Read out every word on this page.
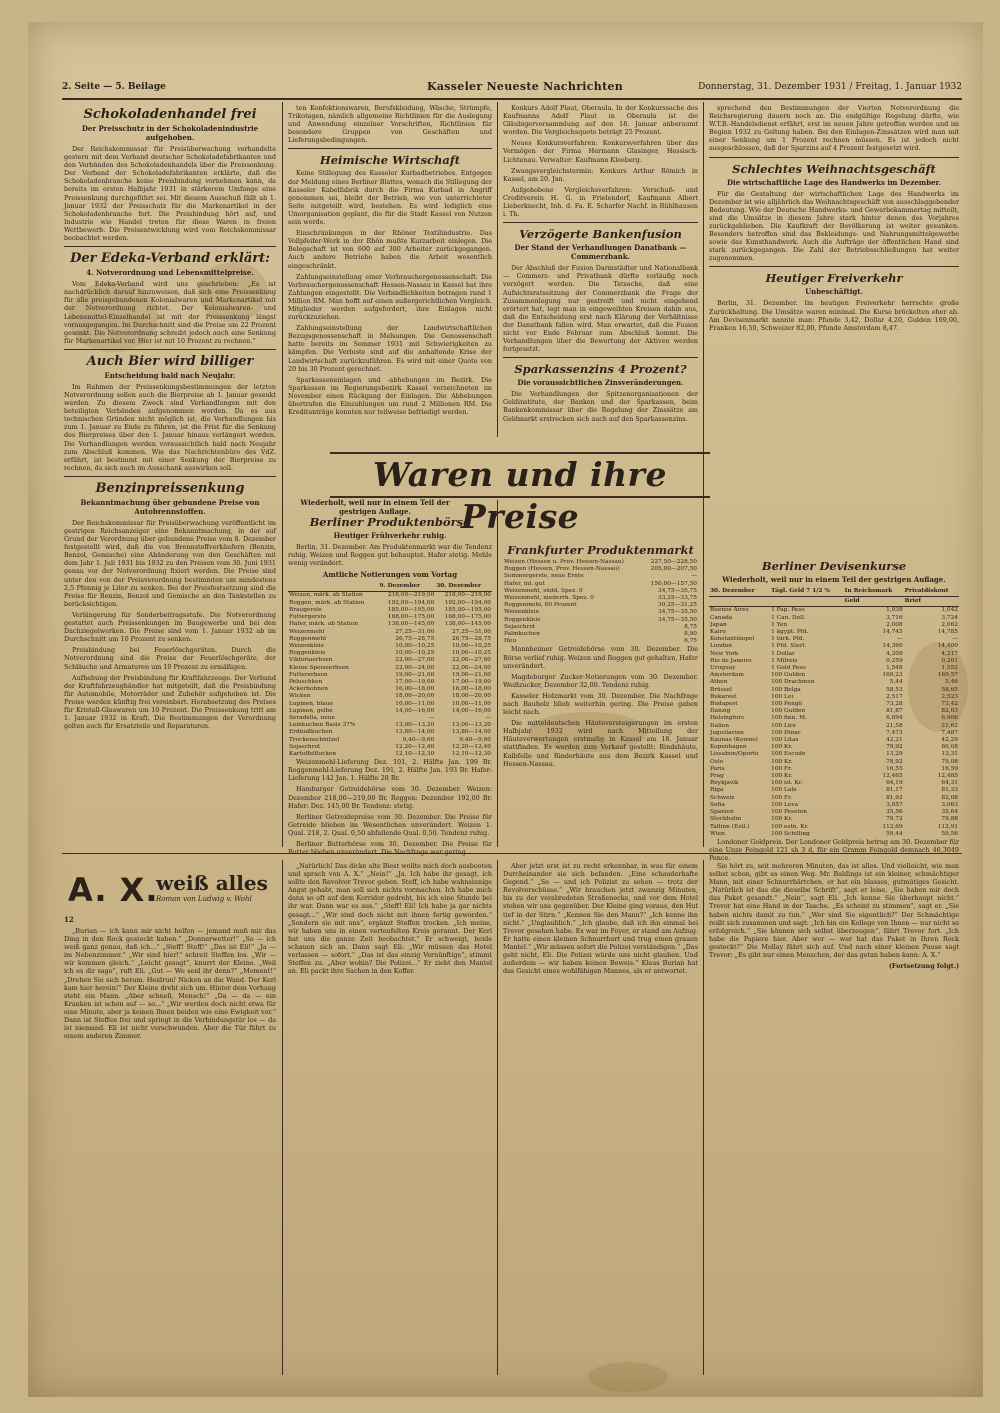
2. Seite — 5. Beilage	Kasseler Neueste Nachrichten	Donnerstag, 31. Dezember 1931 / Freitag, 1. Januar 1932
Schokoladenhandel frei
Der Preisschutz in der Schokoladenindustrie aufgehoben.

Der Reichskommissar für Preisüberwachung verhandelte gestern mit dem Verband deutscher Schokoladefabrikanten und den Verbänden des Schokoladenhandels über die Preissenkung. Der Verband der Schokoladefabrikanten erklärte, daß die Schokoladenbranche keine Preisbindung vornehmen kann, da bereits im ersten Halbjahr 1931 in stärkerem Umfange eine Preissenkung durchgeführt sei. Mit diesem Ausschuß fällt ab 1. Januar 1932 der Preisschutz für die Markenartikel in der Schokoladenbranche fort. Die Preisbindung hört auf, und Industrie wie Handel treten für diese Waren in freien Wettbewerb. Die Preisentwicklung wird vom Reichskommissar beobachtet werden.

Der Edeka-Verband erklärt:
4. Notverordnung und Lebensmittelpreise.

Vom Edeka-Verband wird uns geschrieben: „Es ist nachdrücklich darauf hinzuweisen, daß sich eine Preissenkung für alle preisgebundenen Kolonialwaren und Markenartikel mit der Notverordnung richtet. Der Kolonialwaren- und Lebensmittel-Einzelhandel ist mit der Preissenkung längst vorausgegangen. Im Durchschnitt sind die Preise um 22 Prozent gesenkt. Die Notverordnung schreibt jedoch auch eine Senkung für Markenartikel vor. Hier ist mit 10 Prozent zu rechnen.“

Auch Bier wird billiger
Entscheidung bald nach Neujahr.

Im Rahmen der Preissenkungsbestimmungen der letzten Notverordnung sollen auch die Bierpreise ab 1. Januar gesenkt werden. Zu diesem Zweck sind Verhandlungen mit den beteiligten Verbänden aufgenommen worden. Da es aus technischen Gründen nicht möglich ist, die Verhandlungen bis zum 1. Januar zu Ende zu führen, ist die Frist für die Senkung des Bierpreises über den 1. Januar hinaus verlängert worden. Die Verhandlungen werden voraussichtlich bald nach Neujahr zum Abschluß kommen. Wie das Nachrichtenbüro des VdZ. erfährt, ist bestimmt mit einer Senkung der Bierpreise zu rechnen, da sich auch im Ausschank auswirken soll.

Benzinpreissenkung
Bekanntmachung über gebundene Preise von Autobrennstoffen.

Der Reichskommissar für Preisüberwachung veröffentlicht im gestrigen Reichsanzeiger eine Bekanntmachung, in der auf Grund der Verordnung über gebundene Preise vom 8. Dezember festgestellt wird, daß die von Brennstoffverkäufern (Benzin, Benzol, Gemische) eine Abänderung von den Geschäften mit dem Jahr 1. Juli 1931 bis 1932 zu den Preisen vom 30. Juni 1931 genau vor der Notverordnung fixiert werden. Die Preise sind unter den von der Preisverordnung bestimmten um mindestens 2,5 Pfennig je Liter zu senken. Bei der Preisfestsetzung sind die Preise für Benzin, Benzol und Gemische an den Tankstellen zu berücksichtigen.

Verlängerung für Sonderbeitragsstufe. Die Notverordnung gestattet auch Preissenkungen im Baugewerbe und bei den Dachziegelwerken. Die Preise sind vom 1. Januar 1932 ab im Durchschnitt um 10 Prozent zu senken.

Preisbindung bei Feuerlöschgeräten. Durch die Notverordnung sind die Preise der Feuerlöschgeräte, der Schläuche und Armaturen um 10 Prozent zu ermäßigen.

Aufhebung der Preisbindung für Kraftfahrzeuge. Der Verband der Kraftfahrzeughändler hat mitgeteilt, daß die Preisbindung für Automobile, Motorräder und Zubehör aufgehoben ist. Die Preise werden künftig frei vereinbart. Herabsetzung des Preises für Kristall-Glaswaren um 10 Prozent. Die Preissenkung tritt am 1. Januar 1932 in Kraft. Die Bestimmungen der Verordnung gelten auch für Ersatzteile und Reparaturen.

ten Konfektionswaren, Berufskleidung, Wäsche, Strümpfe, Trikotagen, nämlich allgemeine Richtlinien für die Auslegung und Anwendung einzelner Vorschriften, Richtlinien für besondere Gruppen von Geschäften und Lieferungsbedingungen.

Heimische Wirtschaft

Keine Stillegung des Kasseler Kurbadbetriebes. Entgegen der Meldung eines Berliner Blattes, wonach die Stillegung der Kasseler Kabelfabrik durch die Firma Kurbad in Angriff genommen sei, bleibt der Betrieb, wie von unterrichteter Seite mitgeteilt wird, bestehen. Es wird lediglich eine Umorganisation geplant, die für die Stadt Kassel von Nutzen sein werde.

Einschränkungen in der Rhöner Textilindustrie. Das Vollpfeifer-Werk in der Rhön mußte Kurzarbeit einlegen. Die Belegschaft ist von 600 auf 300 Arbeiter zurückgegangen. Auch andere Betriebe haben die Arbeit wesentlich eingeschränkt.

Zahlungseinstellung einer Verbrauchergenossenschaft. Die Verbrauchergenossenschaft Hessen-Nassau in Kassel hat ihre Zahlungen eingestellt. Die Verbindlichkeiten betragen rund 1 Million RM. Man hofft auf einen außergerichtlichen Vergleich. Mitglieder werden aufgefordert, ihre Einlagen nicht zurückzuziehen.

Zahlungseinstellung der Landwirtschaftlichen Bezugsgenossenschaft in Melsungen. Die Genossenschaft hatte bereits im Sommer 1931 mit Schwierigkeiten zu kämpfen. Die Verluste sind auf die anhaltende Krise der Landwirtschaft zurückzuführen. Es wird mit einer Quote von 20 bis 30 Prozent gerechnet.

Sparkasseneinlagen und -abhebungen im Bezirk. Die Sparkassen im Regierungsbezirk Kassel verzeichneten im November einen Rückgang der Einlagen. Die Abhebungen übertrafen die Einzahlungen um rund 2 Millionen RM. Die Kreditanträge konnten nur teilweise befriedigt werden.

Konkurs Adolf Plaut, Oberaula. In der Konkurssache des Kaufmanns Adolf Plaut in Oberaula ist die Gläubigerversammlung auf den 18. Januar anberaumt worden. Die Vergleichsquote beträgt 25 Prozent.

Neues Konkursverfahren: Konkursverfahren über das Vermögen der Firma Hermann Glasinger, Hessisch-Lichtenau. Verwalter: Kaufmann Kleeberg.

Zwangsvergleichstermin: Konkurs Arthur Römich in Kassel, am 20. Jan.

Aufgehobene Vergleichsverfahren: Vorschuß- und Creditverein H. G. in Frielendorf, Kaufmann Albert Lieberknecht, Inh. d. Fa. E. Scharfer Nachf. in Rühlhausen i. Th.

Verzögerte Bankenfusion
Der Stand der Verhandlungen Danatbank — Commerzbank.

Der Abschluß der Fusion Darmstädter und Nationalbank — Commerz- und Privatbank dürfte vorläufig noch verzögert werden. Die Tatsache, daß eine Aufsichtsratssitzung der Commerzbank die Frage der Zusammenlegung nur gestreift und nicht eingehend erörtert hat, legt man in eingeweihten Kreisen dahin aus, daß die Entscheidung erst nach Klärung der Verhältnisse der Danatbank fallen wird. Man erwartet, daß die Fusion nicht vor Ende Februar zum Abschluß kommt. Die Verhandlungen über die Bewertung der Aktiven werden fortgesetzt.

Sparkassenzins 4 Prozent?
Die voraussichtlichen Zinsveränderungen.

Die Verhandlungen der Spitzenorganisationen der Geldinstitute, der Banken und der Sparkassen, beim Bankenkommissar über die Regelung der Zinssätze am Geldmarkt erstrecken sich auch auf den Sparkassenzins.

sprechend den Bestimmungen der Vierten Notverordnung die Reichsregierung dauern noch an. Die endgültige Regelung dürfte, wie W.T.B.-Handelsdienst erfährt, erst im neuen Jahre getroffen werden und im Beginn 1932 zu Geltung haben. Bei den Einlagen-Zinssätzen wird man mit einer Senkung um 1 Prozent rechnen müssen. Es ist jedoch nicht ausgeschlossen, daß der Sparzins auf 4 Prozent festgesetzt wird.

Schlechtes Weihnachtsgeschäft
Die wirtschaftliche Lage des Handwerks im Dezember.

Für die Gestaltung der wirtschaftlichen Lage des Handwerks im Dezember ist wie alljährlich das Weihnachtsgeschäft von ausschlaggebender Bedeutung. Wie der Deutsche Handwerks- und Gewerbekammertag mitteilt, sind die Umsätze in diesem Jahre stark hinter denen des Vorjahres zurückgeblieben. Die Kaufkraft der Bevölkerung ist weiter gesunken. Besonders betroffen sind das Bekleidungs- und Nahrungsmittelgewerbe sowie das Kunsthandwerk. Auch die Aufträge der öffentlichen Hand sind stark zurückgegangen. Die Zahl der Betriebsschließungen hat weiter zugenommen.

Heutiger Freiverkehr
Unbeschäftigt.

Berlin, 31. Dezember. Im heutigen Freiverkehr herrschte große Zurückhaltung. Die Umsätze waren minimal. Die Kurse bröckelten eher ab. Am Devisenmarkt nannte man: Pfunde 3,42, Dollar 4,20, Gulden 169,00, Franken 16,50, Schweizer 82,00, Pfunde Amsterdam 8,47.

Waren und ihre Preise
Wiederholt, weil nur in einem Teil der gestrigen Auflage.
Berliner Produktenbörse
Heutiger Frühverkehr ruhig.

Berlin, 31. Dezember. Am Produktenmarkt war die Tendenz ruhig. Weizen und Roggen gut behauptet. Hafer stetig. Mehle wenig verändert.

Amtliche Notierungen vom Vortag
	9. Dezember	30. Dezember
Weizen, märk. ab Station	218,00—219,00	218,00—219,00
Roggen, märk. ab Station	192,00—194,00	192,00—194,00
Braugerste	185,00—195,00	185,00—195,00
Futtergerste	168,00—175,00	168,00—175,00
Hafer, märk. ab Station	138,00—145,00	138,00—145,00
Weizenmehl	27,25—31,00	27,25—31,00
Roggenmehl	26,75—28,75	26,75—28,75
Weizenkleie	10,00—10,25	10,00—10,25
Roggenkleie	10,00—10,25	10,00—10,25
Viktoriaerbsen	22,00—27,00	22,00—27,00
Kleine Speiseerbsen	22,00—24,00	22,00—24,00
Futtererbsen	19,00—21,00	19,00—21,00
Peluschken	17,00—19,00	17,00—19,00
Ackerbohnen	16,00—18,00	16,00—18,00
Wicken	18,00—20,00	18,00—20,00
Lupinen, blaue	10,00—11,00	10,00—11,00
Lupinen, gelbe	14,00—16,00	14,00—16,00
Seradella, neue	—	—
Leinkuchen Basis 37%	13,00—13,20	13,00—13,20
Erdnußkuchen	13,80—14,00	13,80—14,00
Trockenschnitzel	9,40—9,60	9,40—9,60
Sojaschrot	12,20—12,40	12,20—12,40
Kartoffelflocken	12,10—12,30	12,10—12,30

Weizenmehl-Lieferung Dez. 101, 2. Hälfte Jan. 199 Br. Roggenmehl-Lieferung Dez. 191, 2. Hälfte Jan. 193 Br. Hafer-Lieferung 142 Jan. 1. Hälfte 28 Br.

Hamburger Getreidebörse vom 30. Dezember. Weizen: Dezember 218,00—219,00 Br. Roggen: Dezember 192,00 Br. Hafer: Dez. 145,00 Br. Tendenz: stetig.

Berliner Getreidepreise vom 30. Dezember. Die Preise für Getreide blieben im Wesentlichen unverändert. Weizen 1. Qual. 218, 2. Qual. 0,50 abfallende Qual. 0,50. Tendenz ruhig.

Berliner Butterbörse vom 30. Dezember. Die Preise für Butter blieben unverändert. Die Nachfrage war gering.

Frankfurter Produktenmarkt
Weizen (Hessen u. Prov. Hessen-Nassau)	227,50—228,50
Roggen (Hessen, Prov. Hessen-Nassau)	205,00—207,50
Sommergerste, neue Ernte	—
Hafer, inl. gut	150,00—157,50
Weizenmehl, südd. Spez. 0	34,75—35,75
Weizenmehl, niederrh. Spez. 0	33,25—33,75
Roggenmehl, 60 Prozent	30,25—31,25
Weizenkleie	34,75—35,50
Roggenkleie	34,75—35,50
Sojaschrot	8,75
Palmkuchen	8,90
Heu	6,75

Mannheimer Getreidebörse vom 30. Dezember. Die Börse verlief ruhig. Weizen und Roggen gut gehalten, Hafer unverändert.

Magdeburger Zucker-Notierungen vom 30. Dezember. Weißzucker, Dezember 32,00. Tendenz ruhig.

Kasseler Holzmarkt vom 30. Dezember. Die Nachfrage nach Bauholz blieb weiterhin gering. Die Preise gaben leicht nach.

Die mitteldeutschen Häuteversteigerungen im ersten Halbjahr 1932 wird nach Mitteilung der Häuteverwertungen erstmalig in Kassel am 18. Januar stattfinden. Es werden zum Verkauf gestellt: Rindshäute, Kalbfelle und Rinderhäute aus dem Bezirk Kassel und Hessen-Nassau.

Berliner Devisenkurse
Wiederholt, weil nur in einem Teil der gestrigen Auflage.
30. Dezember	Tägl. Geld 7 1/2 %	In Reichsmark	Privatdiskont
		Geld	Brief
Buenos Aires	1 Pap. Peso	1,038	1,042
Canada	1 Can. Doll.	3,716	3,724
Japan	1 Yen	2,008	2,062
Kairo	1 ägypt. Pfd.	14,745	14,785
Konstantinopel	1 türk. Pfd.	—	—
London	1 Pfd. Sterl.	14,360	14,400
New York	1 Dollar	4,209	4,217
Rio de Janeiro	1 Milreis	0,259	0,261
Uruguay	1 Gold Peso	1,548	1,552
Amsterdam	100 Gulden	169,23	169,57
Athen	100 Drachmen	5,44	5,46
Brüssel	100 Belga	58,53	58,65
Bukarest	100 Lei	2,517	2,523
Budapest	100 Pengö	73,28	73,42
Danzig	100 Gulden	81,87	82,03
Helsingfors	100 finn. M.	6,894	6,906
Italien	100 Lire	21,58	21,62
Jugoslavien	100 Dinar	7,473	7,487
Kaunas (Kowno)	100 Litas	42,21	42,29
Kopenhagen	100 Kr.	79,92	80,08
Lissabon/Oporto	100 Escudo	13,29	13,31
Oslo	100 Kr.	78,92	79,08
Paris	100 Fr.	16,55	16,59
Prag	100 Kr.	12,465	12,485
Reykjavik	100 isl. Kr.	64,19	64,31
Riga	100 Lats	81,17	81,33
Schweiz	100 Fr.	81,92	82,08
Sofia	100 Leva	3,057	3,063
Spanien	100 Peseten	35,56	35,64
Stockholm	100 Kr.	79,72	79,88
Tallinn (Estl.)	100 estn. Kr.	112,69	112,91
Wien	100 Schilling	59,44	59,56

Londoner Goldpreis. Der Londoner Goldpreis betrug am 30. Dezember für eine Unze Feingold 121 sh 3 d, für ein Gramm Feingold demnach 46,3049 Pence.

A. X.
weiß alles
Roman von Ludwig v. Wohl
12

„Burian — ich kann mir nicht helfen — jemand muß mir das Ding in den Rock gesteckt haben.“ „Donnerwetter!“ „So — ich weiß ganz genau, daß ich...“ „Steff! Steff!“ „Das ist Eli!“ „Ja — im Nebenzimmer.“ „Wir sind hier!“ schreit Steffen los. „Wir — wir kommen gleich.“ „Leicht gesagt“, knurrt der Kleine. „Weil ich es dir sage“, ruft Eli. „Gut — Wo seid ihr denn?“ „Moment!“ „Drehen Sie sich herum. Heidrun! Nicken an die Wand. Der Kerl kam hier herein!“ Der Kleine dreht sich um. Hinter dem Vorhang steht ein Mann. „Aber schnell, Mensch!“ „Da — da — ein Kranken ist schon auf — so...“ „Wir werden doch nicht etwa für eine Minute, aber ja keinen Ihnen beiden wie eine Ewigkeit vor.“ Dann ist Steffen frei und springt in die Verbindungstür los — da ist niemand. Eli ist nicht verschwunden. Aber die Tür führt zu einem anderen Zimmer.

„Natürlich! Das dicke alte Biest wollte mich doch ausbooten und sprach von A. X.“ „Nein!“ „Ja. Ich habe ihr gesagt, ich sollte den Revolver Trevor geben. Steff, ich habe wahnsinnige Angst gehabt, man soll sich nichts vormachen. Ich habe mich dann so oft auf dem Korridor gedreht, bis ich eine Stunde bei ihr war. Dann war es aus.“ „Steff! Eli! Ich habe ja gar nichts gesagt...“ „Wir sind doch nicht mit ihnen fertig geworden.“ „Sondern sie mit uns“, ergänzt Steffen trocken. „Ich meine, wir haben uns in einen verteufelten Kreis gerannt. Der Kerl hat uns die ganze Zeit beobachtet.“ Er schweigt, beide schauen sich an. Dann sagt Eli: „Wir müssen das Hotel verlassen — sofort.“ „Das ist das einzig Vernünftige“, stimmt Steffen zu. „Aber wohin? Die Polizei...“ Er zieht den Mantel an. Eli packt ihre Sachen in den Koffer.

Aber jetzt erst ist zu recht erkennbar, in was für einem Durcheinander sie sich befanden. „Eine schauderhafte Gegend.“ „So — und ich Polizist zu sehen — trotz der Revolverschüsse.“ „Wir brauchen jetzt zwanzig Minuten, bis zu der verabredeten Straßenecke, und vor dem Hotel stehen wir uns gegenüber. Der Kleine ging voraus, den Hut tief in der Stirn.“ „Kennen Sie den Mann?“ „Ich kenne ihn nicht.“ „Unglaublich.“ „Ich glaube, daß ich ihn einmal bei Trevor gesehen habe. Es war im Foyer, er stand am Aufzug. Er hatte einen kleinen Schnurrbart und trug einen grauen Mantel.“ „Wir müssen sofort die Polizei verständigen.“ „Das geht nicht, Eli. Die Polizei würde uns nicht glauben. Und außerdem — wir haben keinen Beweis.“ Klaus Burian hat das Gesicht eines wohlfähigen Mannes, als er antwortet.

Sie hört zu, seit mehreren Minuten, das ist alles. Und vielleicht, wie man selbst schon, gibt es einen Weg. Mr. Baldings ist ein kleiner, schmächtiger Mann, mit einer Schnurrbärtchen, er hat ein blasses, gutmütiges Gesicht. „Natürlich ist das die dieselbe Schrift“, sagt er leise. „Sie haben mir doch das Paket gesandt.“ „Nein“, sagt Eli. „Ich kenne Sie überhaupt nicht.“ Trevor hat eine Hand in der Tasche. „Es scheint zu stimmen“, sagt er. „Sie haben nichts damit zu tun.“ „Wer sind Sie eigentlich?“ Der Schmächtige reißt sich zusammen und sagt: „Ich bin ein Kollege von Ihnen — nur nicht so erfolgreich.“ „Sie können sich selbst überzeugen“, fährt Trevor fort. „Ich habe die Papiere hier. Aber wer — wer hat das Paket in Ihren Rock gesteckt?“ Die Mollay fährt sich auf. Und nach einer kleinen Pause sagt Trevor: „Es gibt nur einen Menschen, der das getan haben kann: A. X.“

(Fortsetzung folgt.)
